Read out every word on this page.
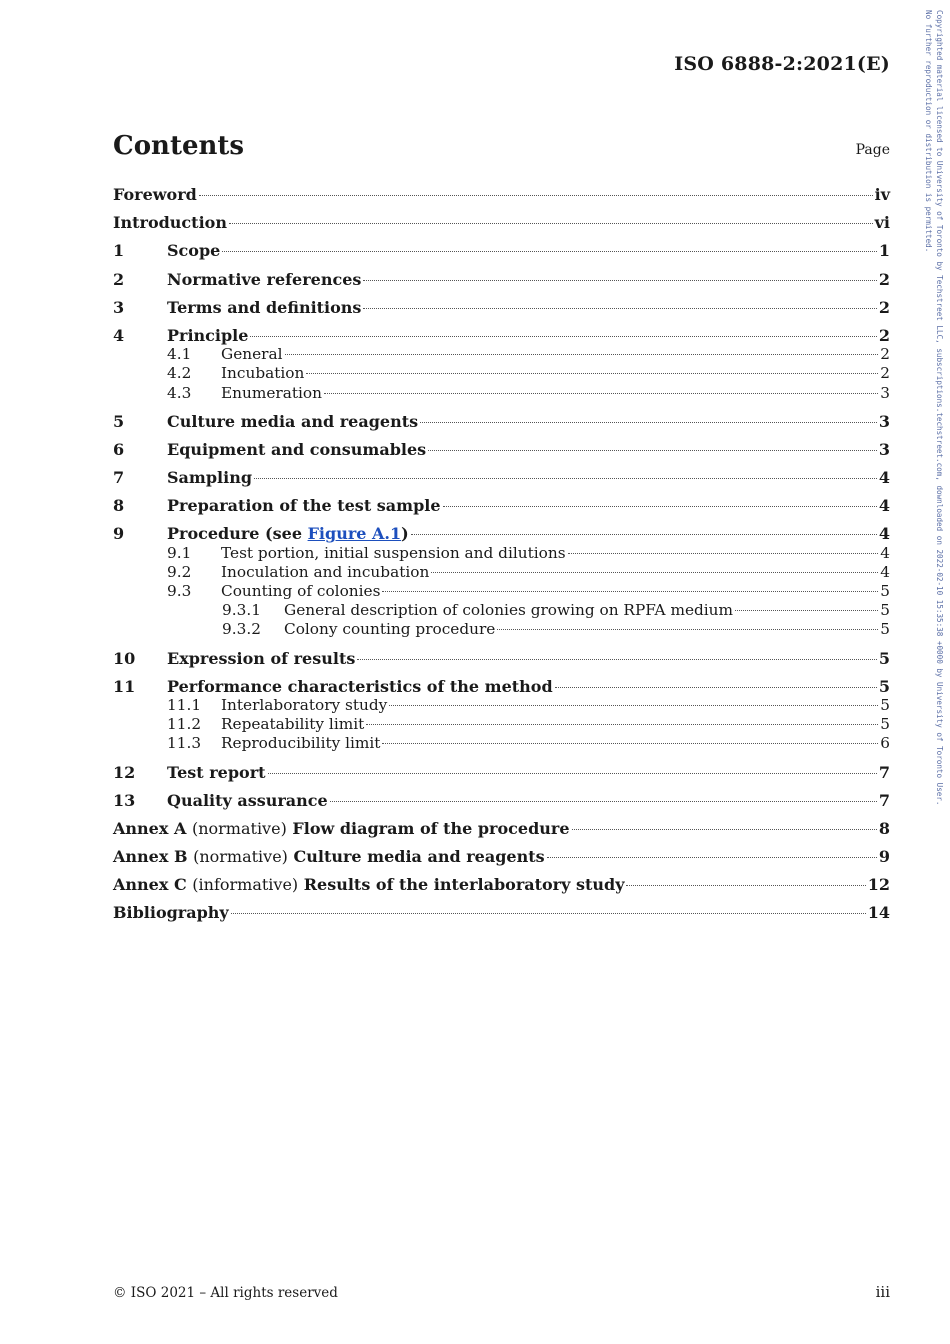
ISO 6888-2:2021(E)	Copyrighted material licensed to University of Toronto by Techstreet LLC, subscriptions.techstreet.com, downloaded on 2022-02-10 15:35:38 +0000 by University of Toronto User.
No further reproduction or distribution is permitted.
Contents	Page
Foreword	iv
Introduction	vi
1	Scope	1
2	Normative references	2
3	Terms and definitions	2
4	Principle	2
4.1	General	2
4.2	Incubation	2
4.3	Enumeration	3
5	Culture media and reagents	3
6	Equipment and consumables	3
7	Sampling	4
8	Preparation of the test sample	4
9	Procedure (see Figure A.1)	4
9.1	Test portion, initial suspension and dilutions	4
9.2	Inoculation and incubation	4
9.3	Counting of colonies	5
9.3.1	General description of colonies growing on RPFA medium	5
9.3.2	Colony counting procedure	5
10	Expression of results	5
11	Performance characteristics of the method	5
11.1	Interlaboratory study	5
11.2	Repeatability limit	5
11.3	Reproducibility limit	6
12	Test report	7
13	Quality assurance	7
Annex A (normative) Flow diagram of the procedure	8
Annex B (normative) Culture media and reagents	9
Annex C (informative) Results of the interlaboratory study	12
Bibliography	14
© ISO 2021 – All rights reserved	iii
